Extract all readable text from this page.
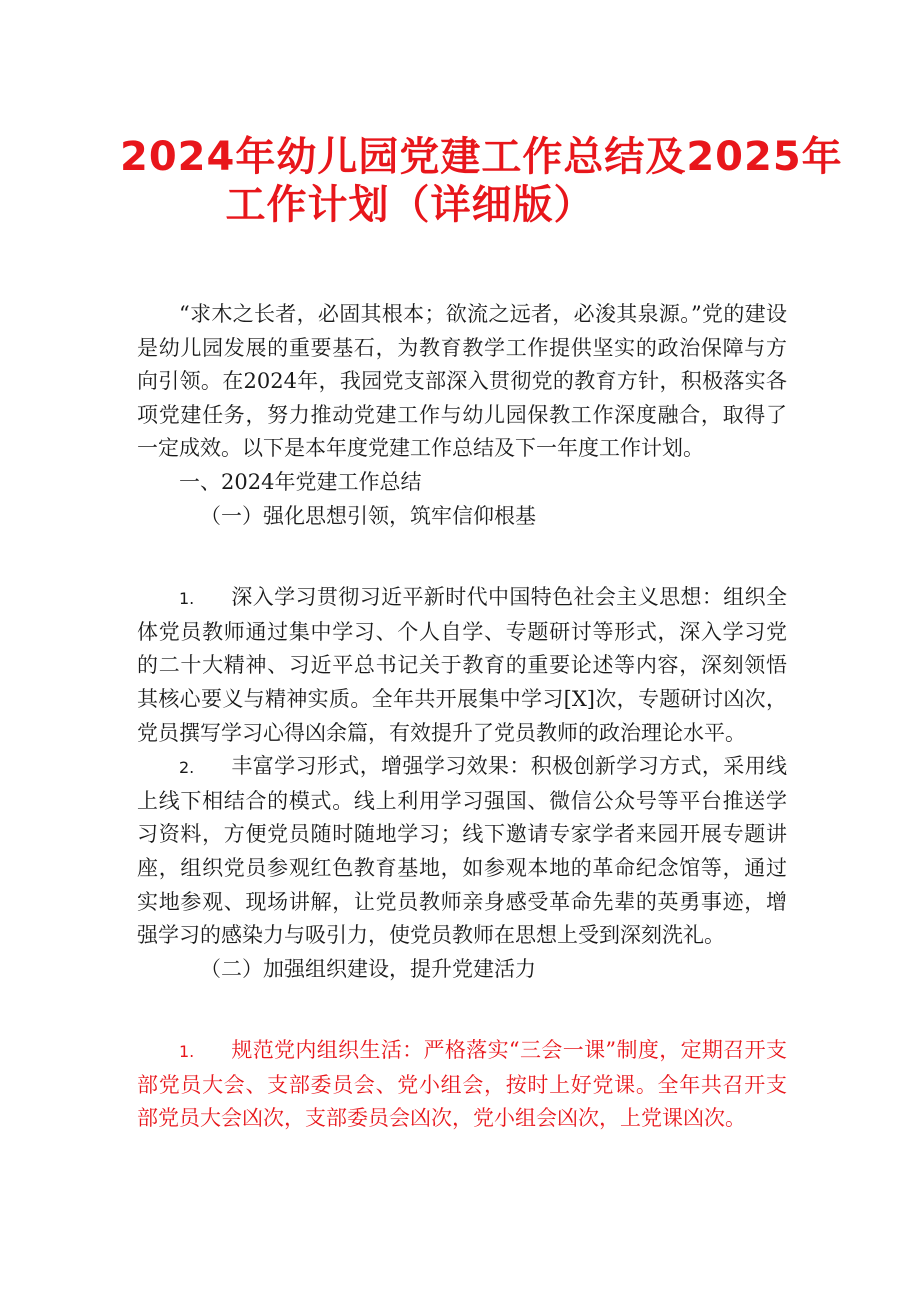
2024年幼儿园党建工作总结及2025年
工作计划（详细版）

“求木之长者，必固其根本；欲流之远者，必浚其泉源。”党的建设是幼儿园发展的重要基石，为教育教学工作提供坚实的政治保障与方向引领。在2024年，我园党支部深入贯彻党的教育方针，积极落实各项党建任务，努力推动党建工作与幼儿园保教工作深度融合，取得了一定成效。以下是本年度党建工作总结及下一年度工作计划。

一、2024年党建工作总结

（一）强化思想引领，筑牢信仰根基

1. 深入学习贯彻习近平新时代中国特色社会主义思想：组织全体党员教师通过集中学习、个人自学、专题研讨等形式，深入学习党的二十大精神、习近平总书记关于教育的重要论述等内容，深刻领悟其核心要义与精神实质。全年共开展集中学习[X]次，专题研讨凶次，党员撰写学习心得凶余篇，有效提升了党员教师的政治理论水平。

2. 丰富学习形式，增强学习效果：积极创新学习方式，采用线上线下相结合的模式。线上利用学习强国、微信公众号等平台推送学习资料，方便党员随时随地学习；线下邀请专家学者来园开展专题讲座，组织党员参观红色教育基地，如参观本地的革命纪念馆等，通过实地参观、现场讲解，让党员教师亲身感受革命先辈的英勇事迹，增强学习的感染力与吸引力，使党员教师在思想上受到深刻洗礼。

（二）加强组织建设，提升党建活力

1. 规范党内组织生活：严格落实“三会一课”制度，定期召开支部党员大会、支部委员会、党小组会，按时上好党课。全年共召开支部党员大会凶次，支部委员会凶次，党小组会凶次，上党课凶次。
